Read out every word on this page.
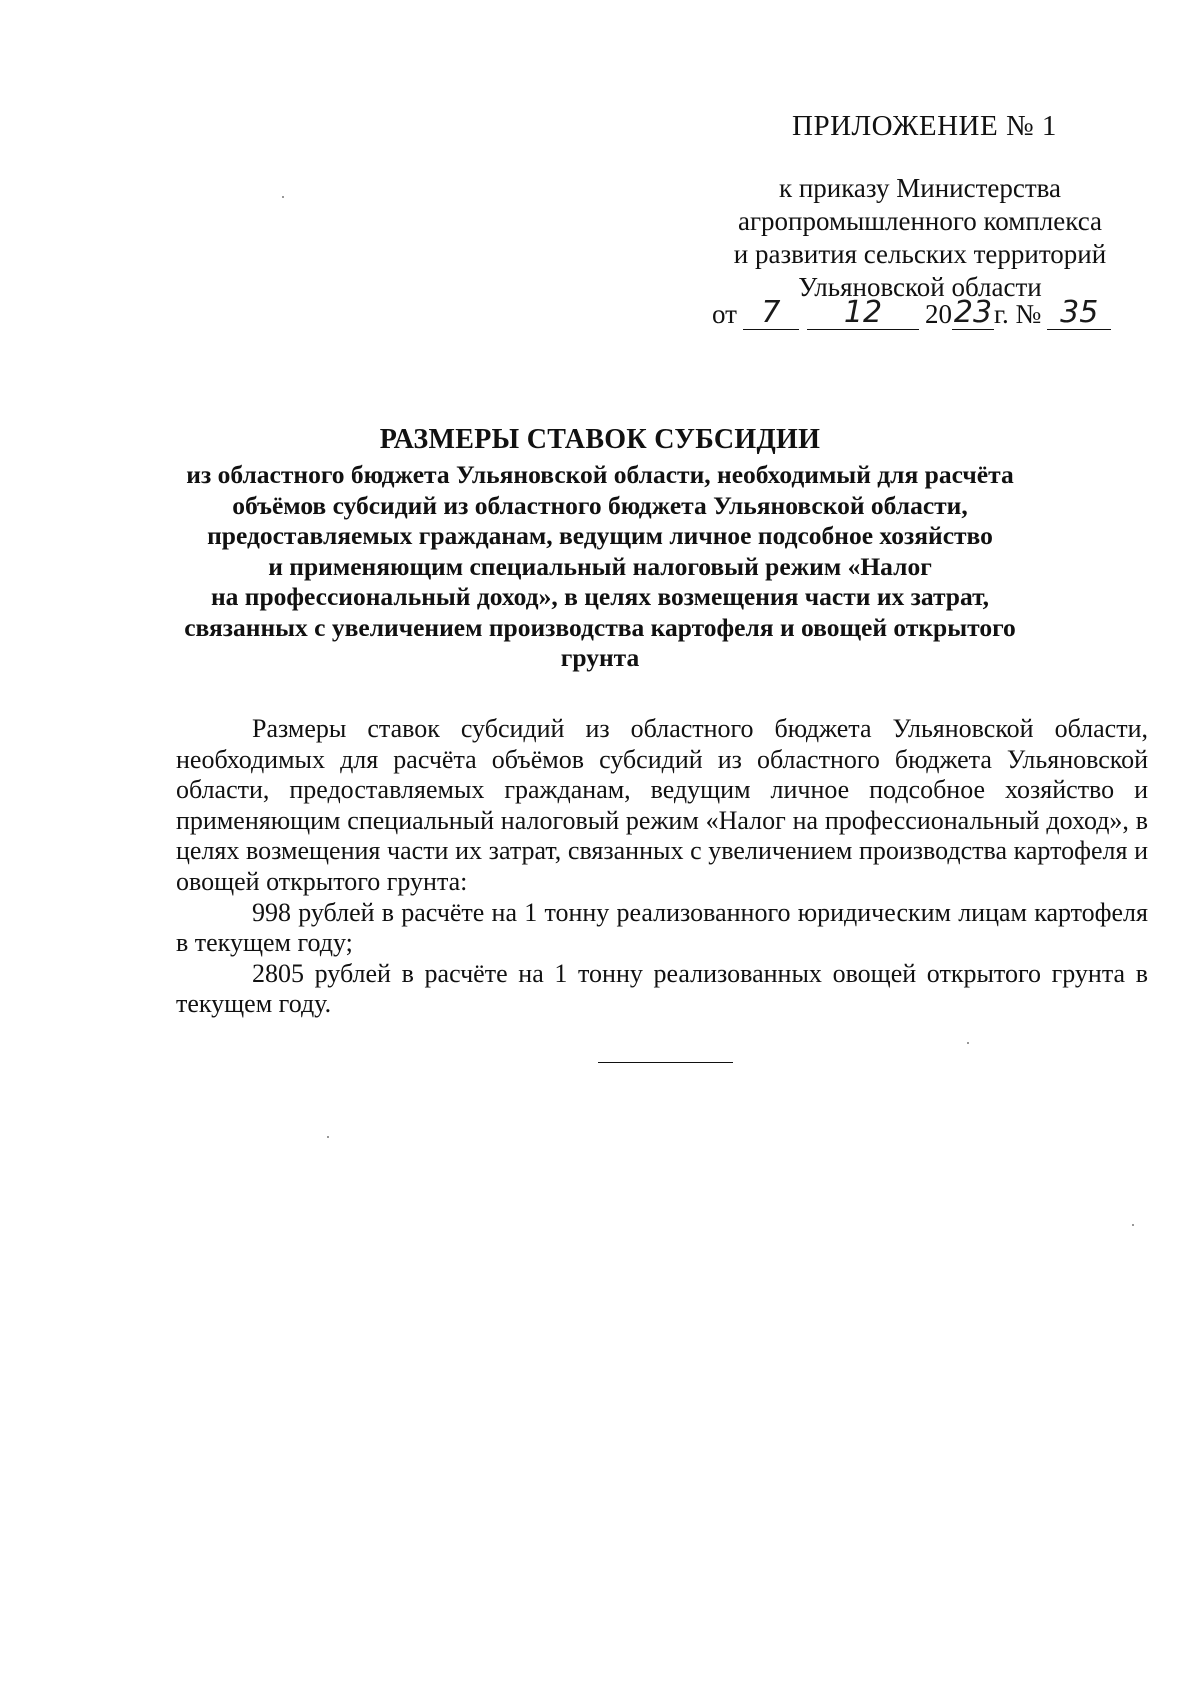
ПРИЛОЖЕНИЕ № 1
к приказу Министерства
агропромышленного комплекса
и развития сельских территорий
Ульяновской области
от 7	12	20 23 г. № 35
РАЗМЕРЫ СТАВОК СУБСИДИИ
из областного бюджета Ульяновской области, необходимый для расчёта
объёмов субсидий из областного бюджета Ульяновской области,
предоставляемых гражданам, ведущим личное подсобное хозяйство
и применяющим специальный налоговый режим «Налог
на профессиональный доход», в целях возмещения части их затрат,
связанных с увеличением производства картофеля и овощей открытого
грунта

Размеры ставок субсидий из областного бюджета Ульяновской области, необходимых для расчёта объёмов субсидий из областного бюджета Ульяновской области, предоставляемых гражданам, ведущим личное подсобное хозяйство и применяющим специальный налоговый режим «Налог на профессиональный доход», в целях возмещения части их затрат, связанных с увеличением производства картофеля и овощей открытого грунта:

998 рублей в расчёте на 1 тонну реализованного юридическим лицам картофеля в текущем году;

2805 рублей в расчёте на 1 тонну реализованных овощей открытого грунта в текущем году.
